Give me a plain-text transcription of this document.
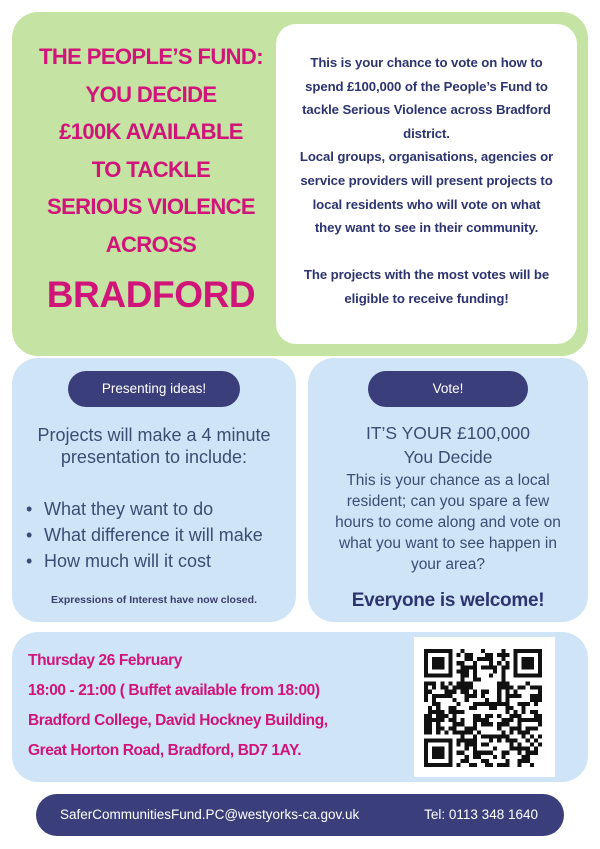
THE PEOPLE’S FUND:
YOU DECIDE
£100K AVAILABLE
TO TACKLE
SERIOUS VIOLENCE
ACROSS
BRADFORD

This is your chance to vote on how to

spend £100,000 of the People’s Fund to

tackle Serious Violence across Bradford

district.

Local groups, organisations, agencies or

service providers will present projects to

local residents who will vote on what

they want to see in their community.

The projects with the most votes will be

eligible to receive funding!

Presenting ideas!
Projects will make a 4 minute
presentation to include:
• What they want to do
• What difference it will make
• How much will it cost
Expressions of Interest have now closed.
Vote!
IT’S YOUR £100,000
You Decide
This is your chance as a local
resident; can you spare a few
hours to come along and vote on
what you want to see happen in
your area?
Everyone is welcome!
Thursday 26 February
18:00 - 21:00 ( Buffet available from 18:00)
Bradford College, David Hockney Building,
Great Horton Road, Bradford, BD7 1AY.
SaferCommunitiesFund.PC@westyorks-ca.gov.uk	Tel: 0113 348 1640
